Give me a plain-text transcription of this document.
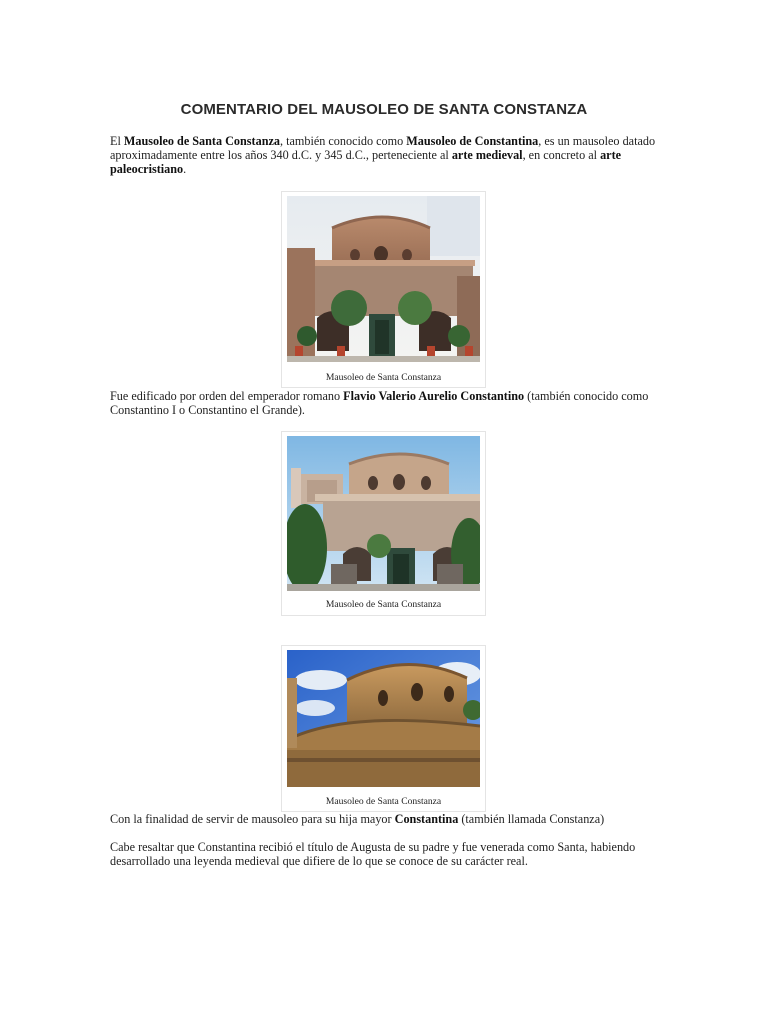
COMENTARIO DEL MAUSOLEO DE SANTA CONSTANZA

El Mausoleo de Santa Constanza, también conocido como Mausoleo de Constantina, es un mausoleo datado aproximadamente entre los años 340 d.C. y 345 d.C., perteneciente al arte medieval, en concreto al arte paleocristiano.

Mausoleo de Santa Constanza

Fue edificado por orden del emperador romano Flavio Valerio Aurelio Constantino (también conocido como Constantino I o Constantino el Grande).

Mausoleo de Santa Constanza
Mausoleo de Santa Constanza

Con la finalidad de servir de mausoleo para su hija mayor Constantina (también llamada Constanza)

Cabe resaltar que Constantina recibió el título de Augusta de su padre y fue venerada como Santa, habiendo desarrollado una leyenda medieval que difiere de lo que se conoce de su carácter real.
